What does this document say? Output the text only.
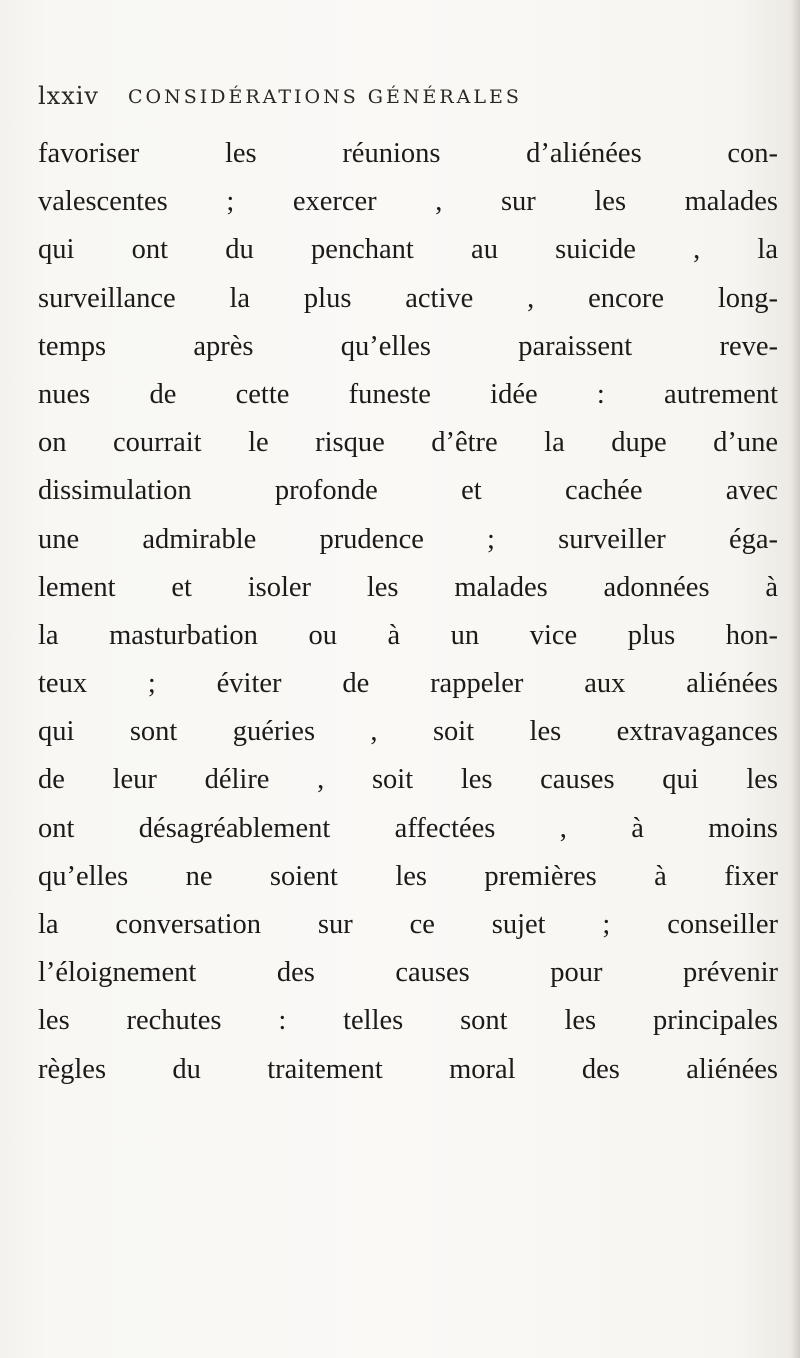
lxxiv CONSIDÉRATIONS GÉNÉRALES
favoriser les réunions d’aliénées con-
valescentes ; exercer , sur les malades
qui ont du penchant au suicide , la
surveillance la plus active , encore long-
temps après qu’elles paraissent reve-
nues de cette funeste idée : autrement
on courrait le risque d’être la dupe d’une
dissimulation profonde et cachée avec
une admirable prudence ; surveiller éga-
lement et isoler les malades adonnées à
la masturbation ou à un vice plus hon-
teux ; éviter de rappeler aux aliénées
qui sont guéries , soit les extravagances
de leur délire , soit les causes qui les
ont désagréablement affectées , à moins
qu’elles ne soient les premières à fixer
la conversation sur ce sujet ; conseiller
l’éloignement des causes pour prévenir
les rechutes : telles sont les principales
règles du traitement moral des aliénées
